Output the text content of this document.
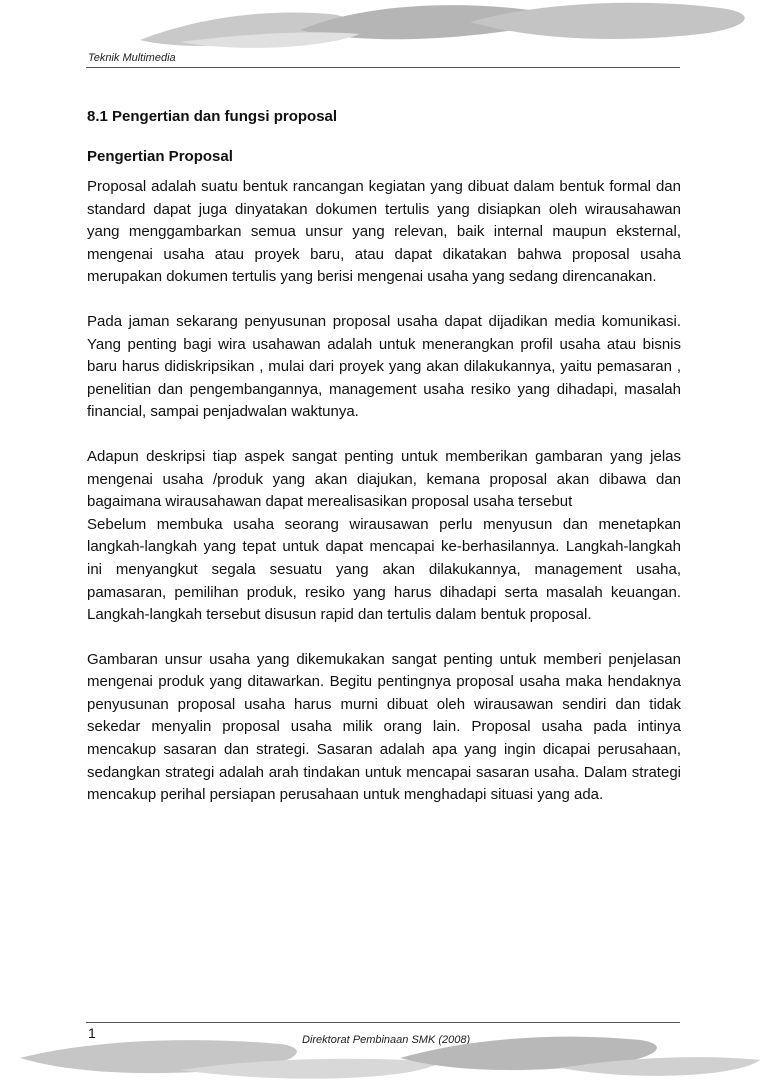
Teknik Multimedia
8.1 Pengertian dan fungsi proposal
Pengertian Proposal

Proposal adalah suatu bentuk rancangan kegiatan yang dibuat dalam bentuk formal dan standard dapat juga dinyatakan dokumen tertulis yang disiapkan oleh wirausahawan yang menggambarkan semua unsur yang relevan, baik internal maupun eksternal, mengenai usaha atau proyek baru, atau dapat dikatakan bahwa proposal usaha merupakan dokumen tertulis yang berisi mengenai usaha yang sedang direncanakan.

Pada jaman sekarang penyusunan proposal usaha dapat dijadikan media komunikasi. Yang penting bagi wira usahawan adalah untuk menerangkan profil usaha atau bisnis baru harus didiskripsikan , mulai dari proyek yang akan dilakukannya, yaitu pemasaran , penelitian dan pengembangannya, management usaha resiko yang dihadapi, masalah financial, sampai penjadwalan waktunya.

Adapun deskripsi tiap aspek sangat penting untuk memberikan gambaran yang jelas mengenai usaha /produk yang akan diajukan, kemana proposal akan dibawa dan bagaimana wirausahawan dapat merealisasikan proposal usaha tersebut

Sebelum membuka usaha seorang wirausawan perlu menyusun dan menetapkan langkah-langkah yang tepat untuk dapat mencapai ke-berhasilannya. Langkah-langkah ini menyangkut segala sesuatu yang akan dilakukannya, management usaha, pamasaran, pemilihan produk, resiko yang harus dihadapi serta masalah keuangan. Langkah-langkah tersebut disusun rapid dan tertulis dalam bentuk proposal.

Gambaran unsur usaha yang dikemukakan sangat penting untuk memberi penjelasan mengenai produk yang ditawarkan. Begitu pentingnya proposal usaha maka hendaknya penyusunan proposal usaha harus murni dibuat oleh wirausawan sendiri dan tidak sekedar menyalin proposal usaha milik orang lain. Proposal usaha pada intinya mencakup sasaran dan strategi. Sasaran adalah apa yang ingin dicapai perusahaan, sedangkan strategi adalah arah tindakan untuk mencapai sasaran usaha. Dalam strategi mencakup perihal persiapan perusahaan untuk menghadapi situasi yang ada.

1	Direktorat Pembinaan SMK (2008)
